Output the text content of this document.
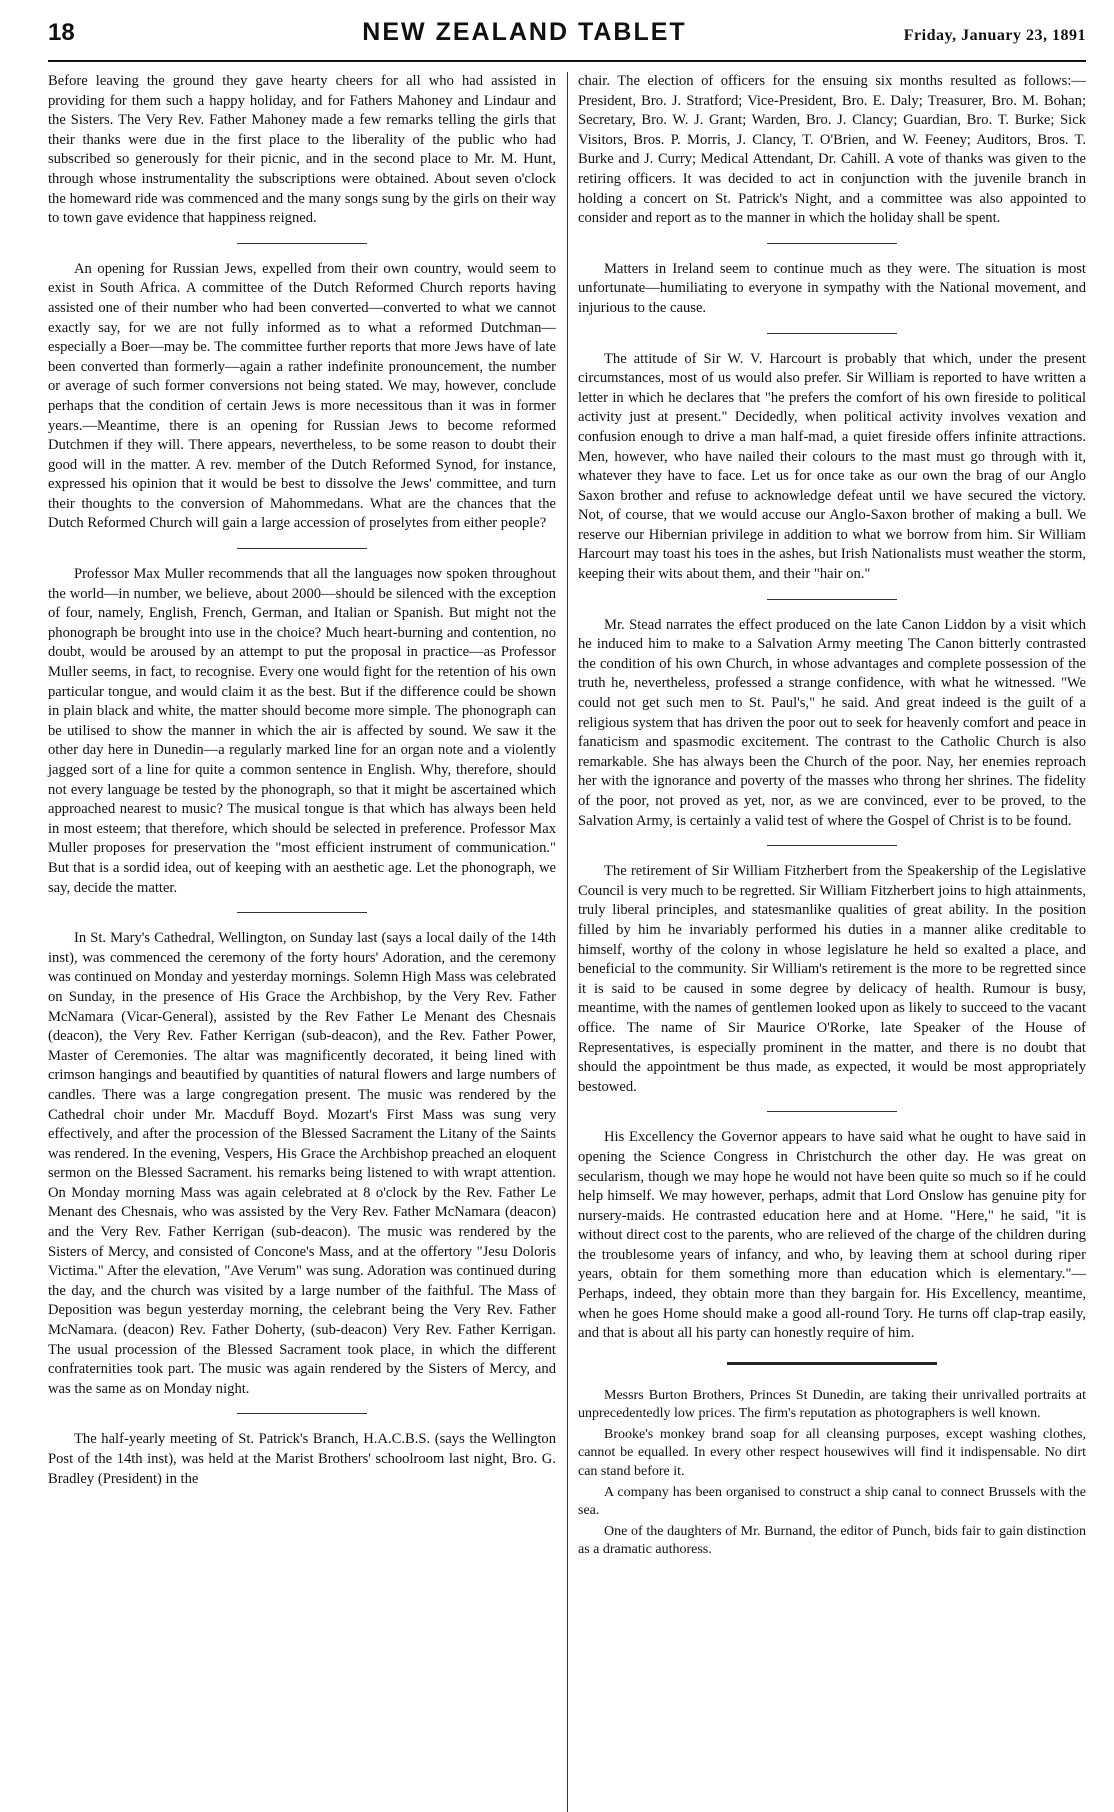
18	NEW ZEALAND TABLET	Friday, January 23, 1891

Before leaving the ground they gave hearty cheers for all who had assisted in providing for them such a happy holiday, and for Fathers Mahoney and Lindaur and the Sisters. The Very Rev. Father Mahoney made a few remarks telling the girls that their thanks were due in the first place to the liberality of the public who had subscribed so generously for their picnic, and in the second place to Mr. M. Hunt, through whose instrumentality the subscriptions were obtained. About seven o'clock the homeward ride was commenced and the many songs sung by the girls on their way to town gave evidence that happiness reigned.

An opening for Russian Jews, expelled from their own country, would seem to exist in South Africa. A committee of the Dutch Reformed Church reports having assisted one of their number who had been converted—converted to what we cannot exactly say, for we are not fully informed as to what a reformed Dutchman—especially a Boer—may be. The committee further reports that more Jews have of late been converted than formerly—again a rather indefinite pronouncement, the number or average of such former conversions not being stated. We may, however, conclude perhaps that the condition of certain Jews is more necessitous than it was in former years.—Meantime, there is an opening for Russian Jews to become reformed Dutchmen if they will. There appears, nevertheless, to be some reason to doubt their good will in the matter. A rev. member of the Dutch Reformed Synod, for instance, expressed his opinion that it would be best to dissolve the Jews' committee, and turn their thoughts to the conversion of Mahommedans. What are the chances that the Dutch Reformed Church will gain a large accession of proselytes from either people?

Professor Max Muller recommends that all the languages now spoken throughout the world—in number, we believe, about 2000—should be silenced with the exception of four, namely, English, French, German, and Italian or Spanish. But might not the phonograph be brought into use in the choice? Much heart-burning and contention, no doubt, would be aroused by an attempt to put the proposal in practice—as Professor Muller seems, in fact, to recognise. Every one would fight for the retention of his own particular tongue, and would claim it as the best. But if the difference could be shown in plain black and white, the matter should become more simple. The phonograph can be utilised to show the manner in which the air is affected by sound. We saw it the other day here in Dunedin—a regularly marked line for an organ note and a violently jagged sort of a line for quite a common sentence in English. Why, therefore, should not every language be tested by the phonograph, so that it might be ascertained which approached nearest to music? The musical tongue is that which has always been held in most esteem; that therefore, which should be selected in preference. Professor Max Muller proposes for preservation the "most efficient instrument of communication." But that is a sordid idea, out of keeping with an aesthetic age. Let the phonograph, we say, decide the matter.

In St. Mary's Cathedral, Wellington, on Sunday last (says a local daily of the 14th inst), was commenced the ceremony of the forty hours' Adoration, and the ceremony was continued on Monday and yesterday mornings. Solemn High Mass was celebrated on Sunday, in the presence of His Grace the Archbishop, by the Very Rev. Father McNamara (Vicar-General), assisted by the Rev Father Le Menant des Chesnais (deacon), the Very Rev. Father Kerrigan (sub-deacon), and the Rev. Father Power, Master of Ceremonies. The altar was magnificently decorated, it being lined with crimson hangings and beautified by quantities of natural flowers and large numbers of candles. There was a large congregation present. The music was rendered by the Cathedral choir under Mr. Macduff Boyd. Mozart's First Mass was sung very effectively, and after the procession of the Blessed Sacrament the Litany of the Saints was rendered. In the evening, Vespers, His Grace the Archbishop preached an eloquent sermon on the Blessed Sacrament. his remarks being listened to with wrapt attention. On Monday morning Mass was again celebrated at 8 o'clock by the Rev. Father Le Menant des Chesnais, who was assisted by the Very Rev. Father McNamara (deacon) and the Very Rev. Father Kerrigan (sub-deacon). The music was rendered by the Sisters of Mercy, and consisted of Concone's Mass, and at the offertory "Jesu Doloris Victima." After the elevation, "Ave Verum" was sung. Adoration was continued during the day, and the church was visited by a large number of the faithful. The Mass of Deposition was begun yesterday morning, the celebrant being the Very Rev. Father McNamara. (deacon) Rev. Father Doherty, (sub-deacon) Very Rev. Father Kerrigan. The usual procession of the Blessed Sacrament took place, in which the different confraternities took part. The music was again rendered by the Sisters of Mercy, and was the same as on Monday night.

The half-yearly meeting of St. Patrick's Branch, H.A.C.B.S. (says the Wellington Post of the 14th inst), was held at the Marist Brothers' schoolroom last night, Bro. G. Bradley (President) in the

chair. The election of officers for the ensuing six months resulted as follows:—President, Bro. J. Stratford; Vice-President, Bro. E. Daly; Treasurer, Bro. M. Bohan; Secretary, Bro. W. J. Grant; Warden, Bro. J. Clancy; Guardian, Bro. T. Burke; Sick Visitors, Bros. P. Morris, J. Clancy, T. O'Brien, and W. Feeney; Auditors, Bros. T. Burke and J. Curry; Medical Attendant, Dr. Cahill. A vote of thanks was given to the retiring officers. It was decided to act in conjunction with the juvenile branch in holding a concert on St. Patrick's Night, and a committee was also appointed to consider and report as to the manner in which the holiday shall be spent.

Matters in Ireland seem to continue much as they were. The situation is most unfortunate—humiliating to everyone in sympathy with the National movement, and injurious to the cause.

The attitude of Sir W. V. Harcourt is probably that which, under the present circumstances, most of us would also prefer. Sir William is reported to have written a letter in which he declares that "he prefers the comfort of his own fireside to political activity just at present." Decidedly, when political activity involves vexation and confusion enough to drive a man half-mad, a quiet fireside offers infinite attractions. Men, however, who have nailed their colours to the mast must go through with it, whatever they have to face. Let us for once take as our own the brag of our Anglo Saxon brother and refuse to acknowledge defeat until we have secured the victory. Not, of course, that we would accuse our Anglo-Saxon brother of making a bull. We reserve our Hibernian privilege in addition to what we borrow from him. Sir William Harcourt may toast his toes in the ashes, but Irish Nationalists must weather the storm, keeping their wits about them, and their "hair on."

Mr. Stead narrates the effect produced on the late Canon Liddon by a visit which he induced him to make to a Salvation Army meeting The Canon bitterly contrasted the condition of his own Church, in whose advantages and complete possession of the truth he, nevertheless, professed a strange confidence, with what he witnessed. "We could not get such men to St. Paul's," he said. And great indeed is the guilt of a religious system that has driven the poor out to seek for heavenly comfort and peace in fanaticism and spasmodic excitement. The contrast to the Catholic Church is also remarkable. She has always been the Church of the poor. Nay, her enemies reproach her with the ignorance and poverty of the masses who throng her shrines. The fidelity of the poor, not proved as yet, nor, as we are convinced, ever to be proved, to the Salvation Army, is certainly a valid test of where the Gospel of Christ is to be found.

The retirement of Sir William Fitzherbert from the Speakership of the Legislative Council is very much to be regretted. Sir William Fitzherbert joins to high attainments, truly liberal principles, and statesmanlike qualities of great ability. In the position filled by him he invariably performed his duties in a manner alike creditable to himself, worthy of the colony in whose legislature he held so exalted a place, and beneficial to the community. Sir William's retirement is the more to be regretted since it is said to be caused in some degree by delicacy of health. Rumour is busy, meantime, with the names of gentlemen looked upon as likely to succeed to the vacant office. The name of Sir Maurice O'Rorke, late Speaker of the House of Representatives, is especially prominent in the matter, and there is no doubt that should the appointment be thus made, as expected, it would be most appropriately bestowed.

His Excellency the Governor appears to have said what he ought to have said in opening the Science Congress in Christchurch the other day. He was great on secularism, though we may hope he would not have been quite so much so if he could help himself. We may however, perhaps, admit that Lord Onslow has genuine pity for nursery-maids. He contrasted education here and at Home. "Here," he said, "it is without direct cost to the parents, who are relieved of the charge of the children during the troublesome years of infancy, and who, by leaving them at school during riper years, obtain for them something more than education which is elementary."—Perhaps, indeed, they obtain more than they bargain for. His Excellency, meantime, when he goes Home should make a good all-round Tory. He turns off clap-trap easily, and that is about all his party can honestly require of him.

Messrs Burton Brothers, Princes St Dunedin, are taking their unrivalled portraits at unprecedentedly low prices. The firm's reputation as photographers is well known.

Brooke's monkey brand soap for all cleansing purposes, except washing clothes, cannot be equalled. In every other respect housewives will find it indispensable. No dirt can stand before it.

A company has been organised to construct a ship canal to connect Brussels with the sea.

One of the daughters of Mr. Burnand, the editor of Punch, bids fair to gain distinction as a dramatic authoress.
